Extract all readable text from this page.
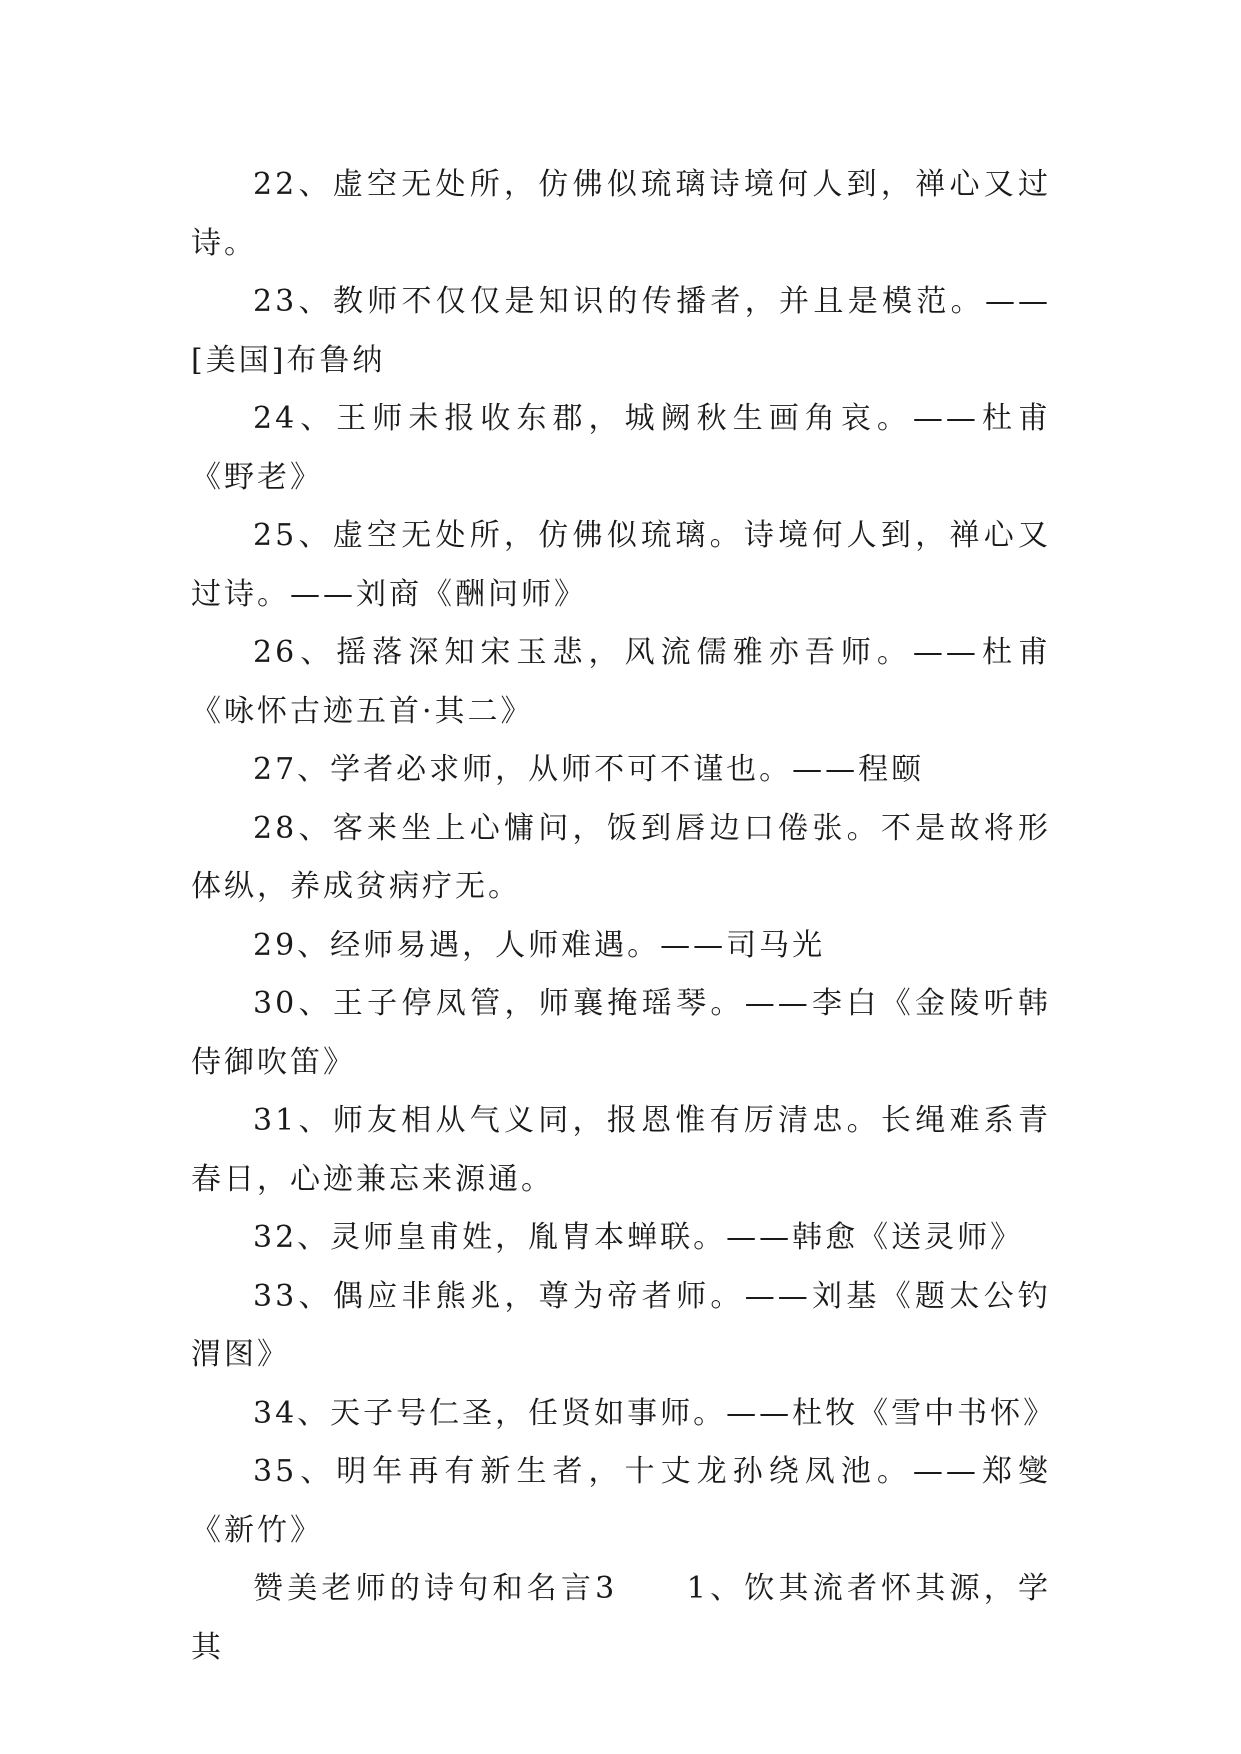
22、虚空无处所，仿佛似琉璃诗境何人到，禅心又过诗。

23、教师不仅仅是知识的传播者，并且是模范。——[美国]布鲁纳

24、王师未报收东郡，城阙秋生画角哀。——杜甫《野老》

25、虚空无处所，仿佛似琉璃。诗境何人到，禅心又过诗。——刘商《酬问师》

26、摇落深知宋玉悲，风流儒雅亦吾师。——杜甫《咏怀古迹五首·其二》

27、学者必求师，从师不可不谨也。——程颐

28、客来坐上心慵问，饭到唇边口倦张。不是故将形体纵，养成贫病疗无。

29、经师易遇，人师难遇。——司马光

30、王子停凤管，师襄掩瑶琴。——李白《金陵听韩侍御吹笛》

31、师友相从气义同，报恩惟有厉清忠。长绳难系青春日，心迹兼忘来源通。

32、灵师皇甫姓，胤胄本蝉联。——韩愈《送灵师》

33、偶应非熊兆，尊为帝者师。——刘基《题太公钓渭图》

34、天子号仁圣，任贤如事师。——杜牧《雪中书怀》

35、明年再有新生者，十丈龙孙绕凤池。——郑燮《新竹》

赞美老师的诗句和名言3　　1、饮其流者怀其源，学其
